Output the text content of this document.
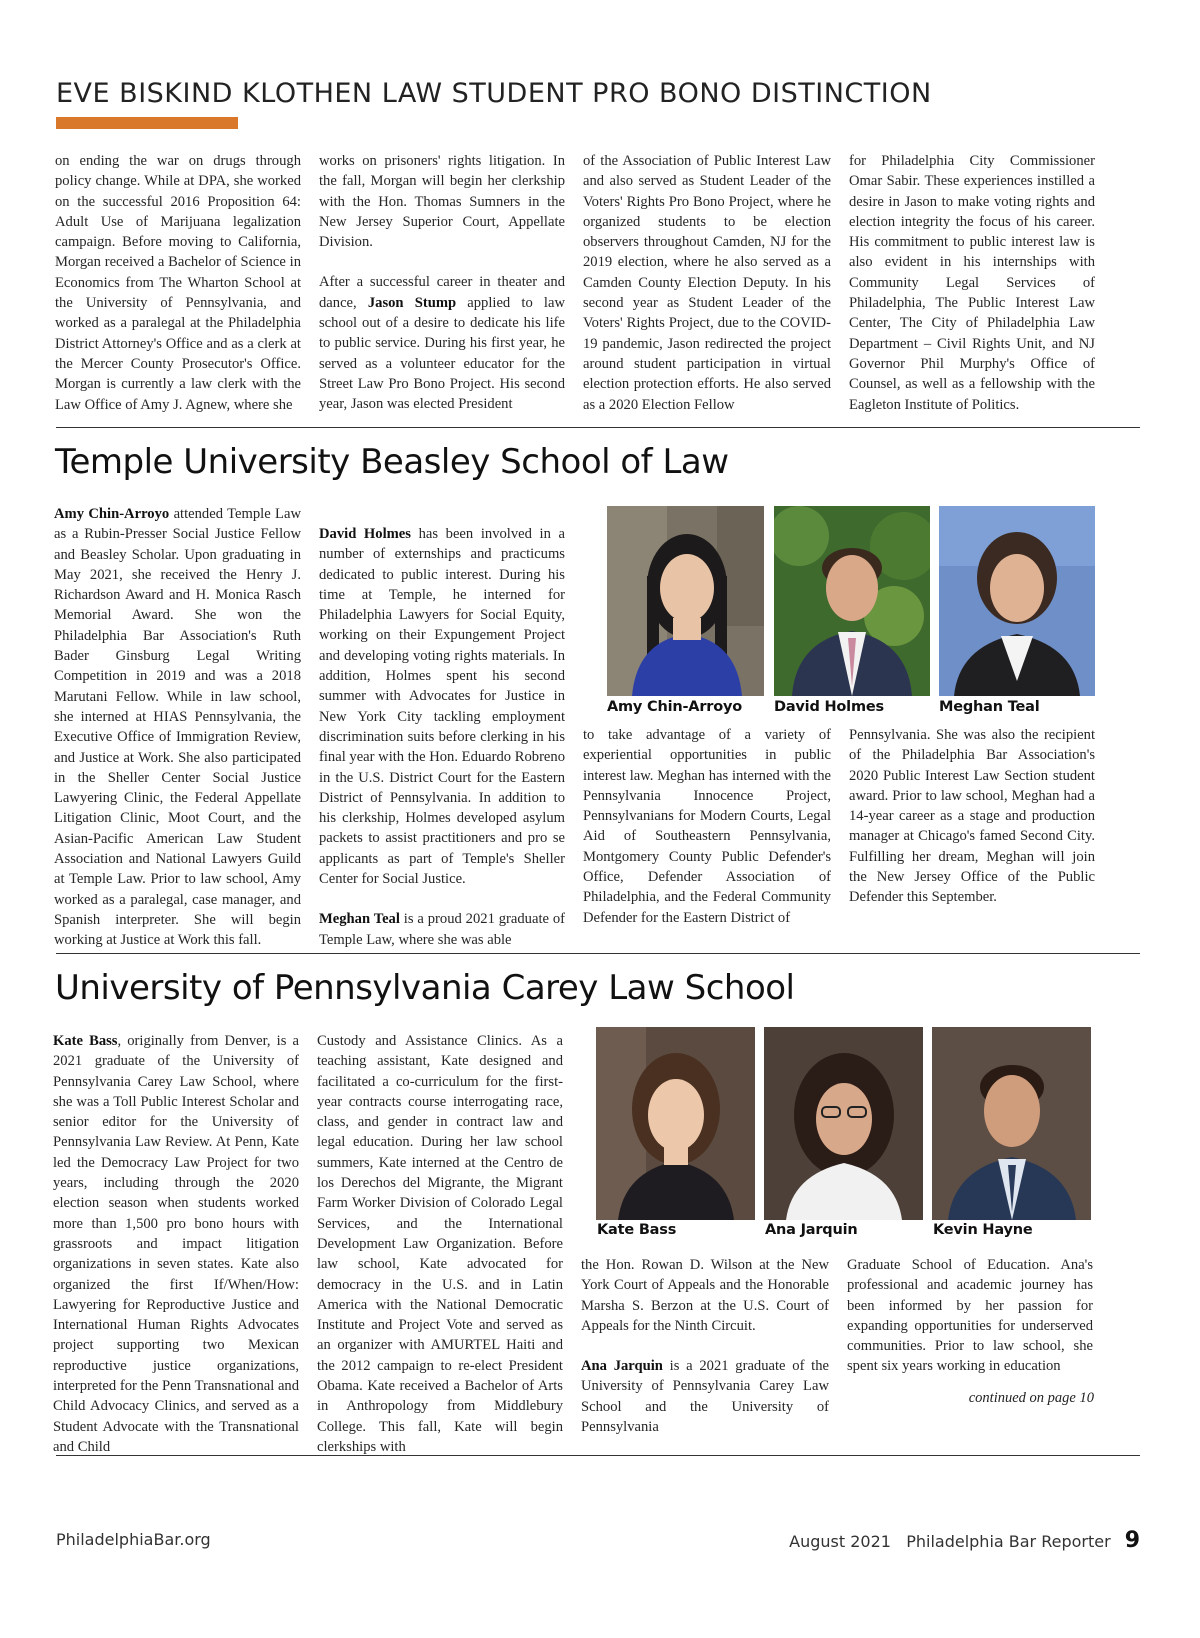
EVE BISKIND KLOTHEN LAW STUDENT PRO BONO DISTINCTION

on ending the war on drugs through policy change. While at DPA, she worked on the successful 2016 Proposition 64: Adult Use of Marijuana legalization campaign. Before moving to California, Morgan received a Bachelor of Science in Economics from The Wharton School at the University of Pennsylvania, and worked as a paralegal at the Philadelphia District Attorney's Office and as a clerk at the Mercer County Prosecutor's Office. Morgan is currently a law clerk with the Law Office of Amy J. Agnew, where she

works on prisoners' rights litigation. In the fall, Morgan will begin her clerkship with the Hon. Thomas Sumners in the New Jersey Superior Court, Appellate Division.

After a successful career in theater and dance, Jason Stump applied to law school out of a desire to dedicate his life to public service. During his first year, he served as a volunteer educator for the Street Law Pro Bono Project. His second year, Jason was elected President

of the Association of Public Interest Law and also served as Student Leader of the Voters' Rights Pro Bono Project, where he organized students to be election observers throughout Camden, NJ for the 2019 election, where he also served as a Camden County Election Deputy. In his second year as Student Leader of the Voters' Rights Project, due to the COVID-19 pandemic, Jason redirected the project around student participation in virtual election protection efforts. He also served as a 2020 Election Fellow

for Philadelphia City Commissioner Omar Sabir. These experiences instilled a desire in Jason to make voting rights and election integrity the focus of his career. His commitment to public interest law is also evident in his internships with Community Legal Services of Philadelphia, The Public Interest Law Center, The City of Philadelphia Law Department – Civil Rights Unit, and NJ Governor Phil Murphy's Office of Counsel, as well as a fellowship with the Eagleton Institute of Politics.

Temple University Beasley School of Law

Amy Chin-Arroyo attended Temple Law as a Rubin-Presser Social Justice Fellow and Beasley Scholar. Upon graduating in May 2021, she received the Henry J. Richardson Award and H. Monica Rasch Memorial Award. She won the Philadelphia Bar Association's Ruth Bader Ginsburg Legal Writing Competition in 2019 and was a 2018 Marutani Fellow. While in law school, she interned at HIAS Pennsylvania, the Executive Office of Immigration Review, and Justice at Work. She also participated in the Sheller Center Social Justice Lawyering Clinic, the Federal Appellate Litigation Clinic, Moot Court, and the Asian-Pacific American Law Student Association and National Lawyers Guild at Temple Law. Prior to law school, Amy worked as a paralegal, case manager, and Spanish interpreter. She will begin working at Justice at Work this fall.

David Holmes has been involved in a number of externships and practicums dedicated to public interest. During his time at Temple, he interned for Philadelphia Lawyers for Social Equity, working on their Expungement Project and developing voting rights materials. In addition, Holmes spent his second summer with Advocates for Justice in New York City tackling employment discrimination suits before clerking in his final year with the Hon. Eduardo Robreno in the U.S. District Court for the Eastern District of Pennsylvania. In addition to his clerkship, Holmes developed asylum packets to assist practitioners and pro se applicants as part of Temple's Sheller Center for Social Justice.

Meghan Teal is a proud 2021 graduate of Temple Law, where she was able

Amy Chin-Arroyo David Holmes	Meghan Teal

to take advantage of a variety of experiential opportunities in public interest law. Meghan has interned with the Pennsylvania Innocence Project, Pennsylvanians for Modern Courts, Legal Aid of Southeastern Pennsylvania, Montgomery County Public Defender's Office, Defender Association of Philadelphia, and the Federal Community Defender for the Eastern District of

Pennsylvania. She was also the recipient of the Philadelphia Bar Association's 2020 Public Interest Law Section student award. Prior to law school, Meghan had a 14-year career as a stage and production manager at Chicago's famed Second City. Fulfilling her dream, Meghan will join the New Jersey Office of the Public Defender this September.

University of Pennsylvania Carey Law School

Kate Bass, originally from Denver, is a 2021 graduate of the University of Pennsylvania Carey Law School, where she was a Toll Public Interest Scholar and senior editor for the University of Pennsylvania Law Review. At Penn, Kate led the Democracy Law Project for two years, including through the 2020 election season when students worked more than 1,500 pro bono hours with grassroots and impact litigation organizations in seven states. Kate also organized the first If/When/How: Lawyering for Reproductive Justice and International Human Rights Advocates project supporting two Mexican reproductive justice organizations, interpreted for the Penn Transnational and Child Advocacy Clinics, and served as a Student Advocate with the Transnational and Child

Custody and Assistance Clinics. As a teaching assistant, Kate designed and facilitated a co-curriculum for the first-year contracts course interrogating race, class, and gender in contract law and legal education. During her law school summers, Kate interned at the Centro de los Derechos del Migrante, the Migrant Farm Worker Division of Colorado Legal Services, and the International Development Law Organization. Before law school, Kate advocated for democracy in the U.S. and in Latin America with the National Democratic Institute and Project Vote and served as an organizer with AMURTEL Haiti and the 2012 campaign to re-elect President Obama. Kate received a Bachelor of Arts in Anthropology from Middlebury College. This fall, Kate will begin clerkships with

Kate Bass	Ana Jarquin	Kevin Hayne

the Hon. Rowan D. Wilson at the New York Court of Appeals and the Honorable Marsha S. Berzon at the U.S. Court of Appeals for the Ninth Circuit.

Ana Jarquin is a 2021 graduate of the University of Pennsylvania Carey Law School and the University of Pennsylvania

Graduate School of Education. Ana's professional and academic journey has been informed by her passion for expanding opportunities for underserved communities. Prior to law school, she spent six years working in education

continued on page 10
PhiladelphiaBar.org	August 2021   Philadelphia Bar Reporter 9
